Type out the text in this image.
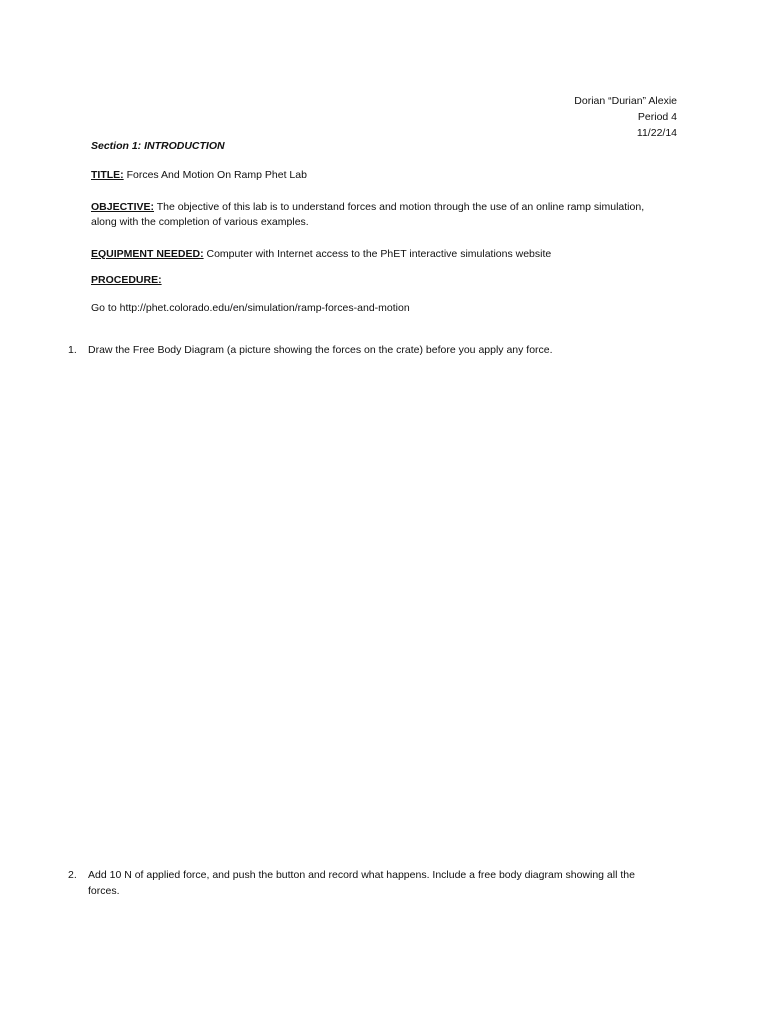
Dorian “Durian” Alexie
Period 4
11/22/14
Section 1: INTRODUCTION
TITLE: Forces And Motion On Ramp Phet Lab
OBJECTIVE: The objective of this lab is to understand forces and motion through the use of an online ramp simulation, along with the completion of various examples.
EQUIPMENT NEEDED: Computer with Internet access to the PhET interactive simulations website
PROCEDURE:
Go to http://phet.colorado.edu/en/simulation/ramp-forces-and-motion
1. Draw the Free Body Diagram (a picture showing the forces on the crate) before you apply any force.
2. Add 10 N of applied force, and push the button and record what happens. Include a free body diagram showing all the
forces.
